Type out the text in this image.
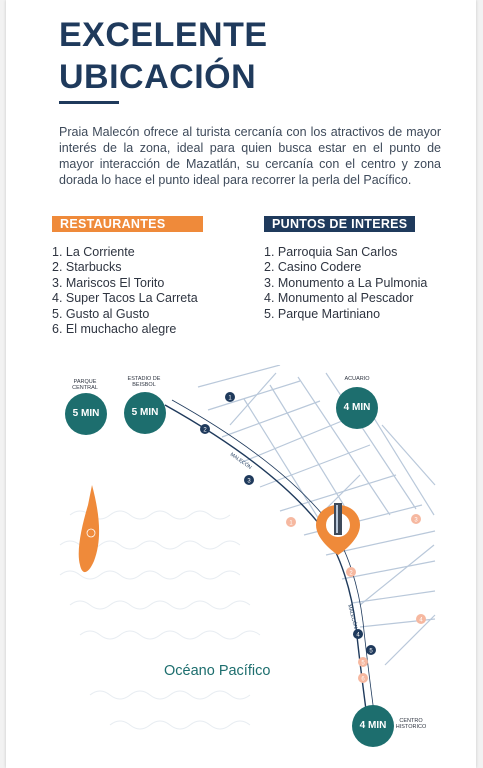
EXCELENTE
UBICACIÓN

Praia Malecón ofrece al turista cercanía con los atractivos de mayor interés de la zona, ideal para quien busca estar en el punto de mayor interacción de Mazatlán, su cercanía con el centro y zona dorada lo hace el punto ideal para recorrer la perla del Pacífico.

RESTAURANTES	PUNTOS DE INTERES
1. La Corriente
2. Starbucks
3. Mariscos El Torito
4. Super Tacos La Carreta
5. Gusto al Gusto
6. El muchacho alegre
1. Parroquia San Carlos
2. Casino Codere
3. Monumento a La Pulmonia
4. Monumento al Pescador
5. Parque Martiniano
MALECÓN
MALECÓN
1
2
3
4
5
1
2
3
4
5
6
PARQUE
CENTRAL
5 MIN
ESTADIO DE
BEISBOL
5 MIN
ACUARIO
4 MIN
4 MIN	CENTRO
HISTORICO

Océano Pacífico
